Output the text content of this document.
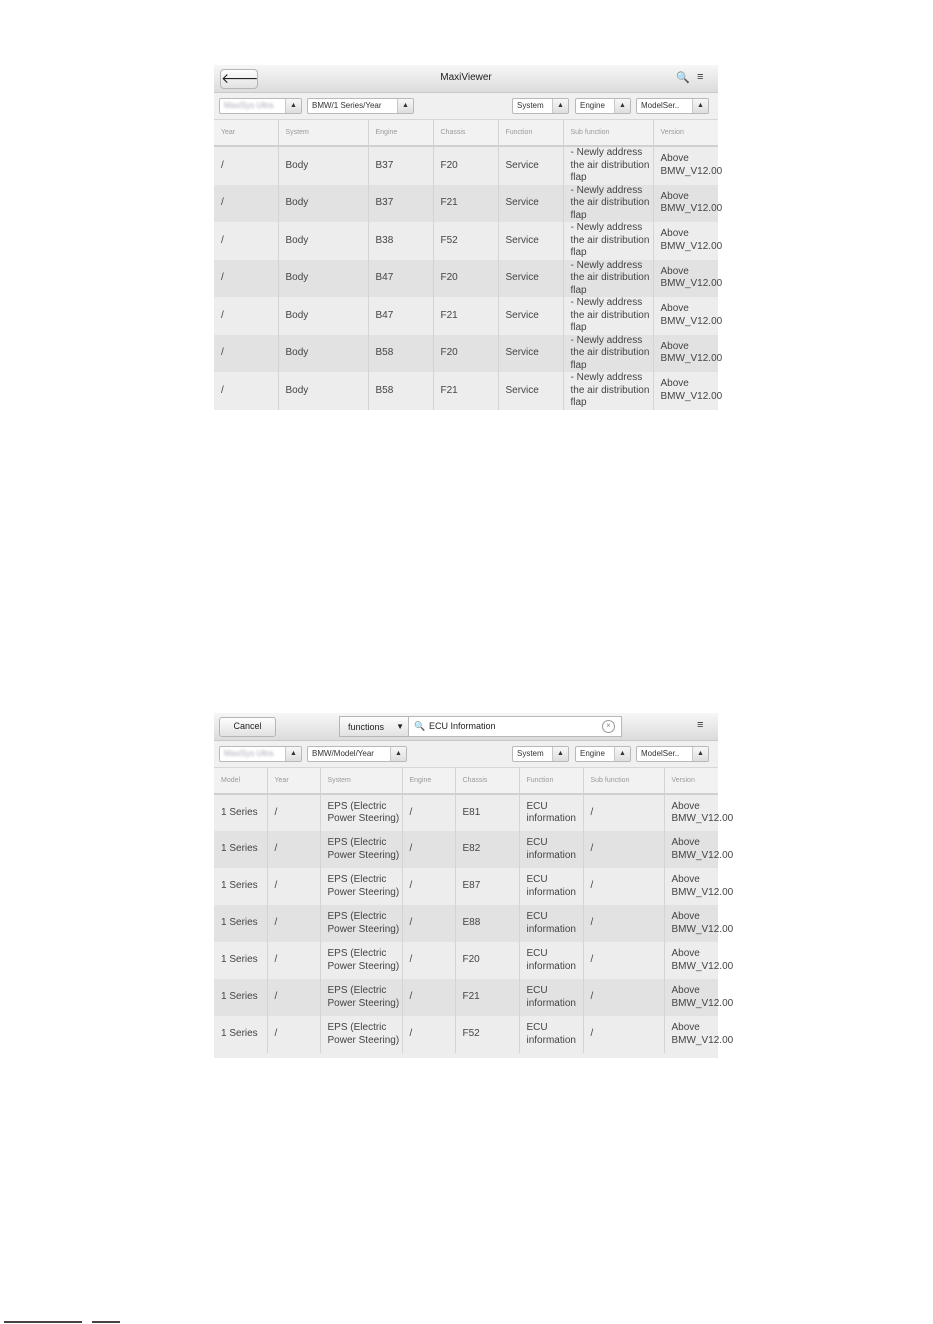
🡐	MaxiViewer	🔍 ≡
MaxiSys Ultra	▲	BMW/1 Series/Year	▲	System	▲	Engine	▲	ModelSer..	▲
Year	System	Engine	Chassis	Function	Sub function	Version
/	Body	B37	F20	Service	- Newly address the air distribution flap	Above BMW_V12.00
/	Body	B37	F21	Service	- Newly address the air distribution flap	Above BMW_V12.00
/	Body	B38	F52	Service	- Newly address the air distribution flap	Above BMW_V12.00
/	Body	B47	F20	Service	- Newly address the air distribution flap	Above BMW_V12.00
/	Body	B47	F21	Service	- Newly address the air distribution flap	Above BMW_V12.00
/	Body	B58	F20	Service	- Newly address the air distribution flap	Above BMW_V12.00
/	Body	B58	F21	Service	- Newly address the air distribution flap	Above BMW_V12.00
Cancel	functions ▼ 🔍 ECU Information	×	≡
MaxiSys Ultra	▲	BMW/Model/Year	▲	System	▲	Engine	▲	ModelSer..	▲
Model	Year	System	Engine	Chassis	Function	Sub function	Version
1 Series	/	EPS (Electric Power Steering)	/	E81	ECU information	/	Above BMW_V12.00
1 Series	/	EPS (Electric Power Steering)	/	E82	ECU information	/	Above BMW_V12.00
1 Series	/	EPS (Electric Power Steering)	/	E87	ECU information	/	Above BMW_V12.00
1 Series	/	EPS (Electric Power Steering)	/	E88	ECU information	/	Above BMW_V12.00
1 Series	/	EPS (Electric Power Steering)	/	F20	ECU information	/	Above BMW_V12.00
1 Series	/	EPS (Electric Power Steering)	/	F21	ECU information	/	Above BMW_V12.00
1 Series	/	EPS (Electric Power Steering)	/	F52	ECU information	/	Above BMW_V12.00
